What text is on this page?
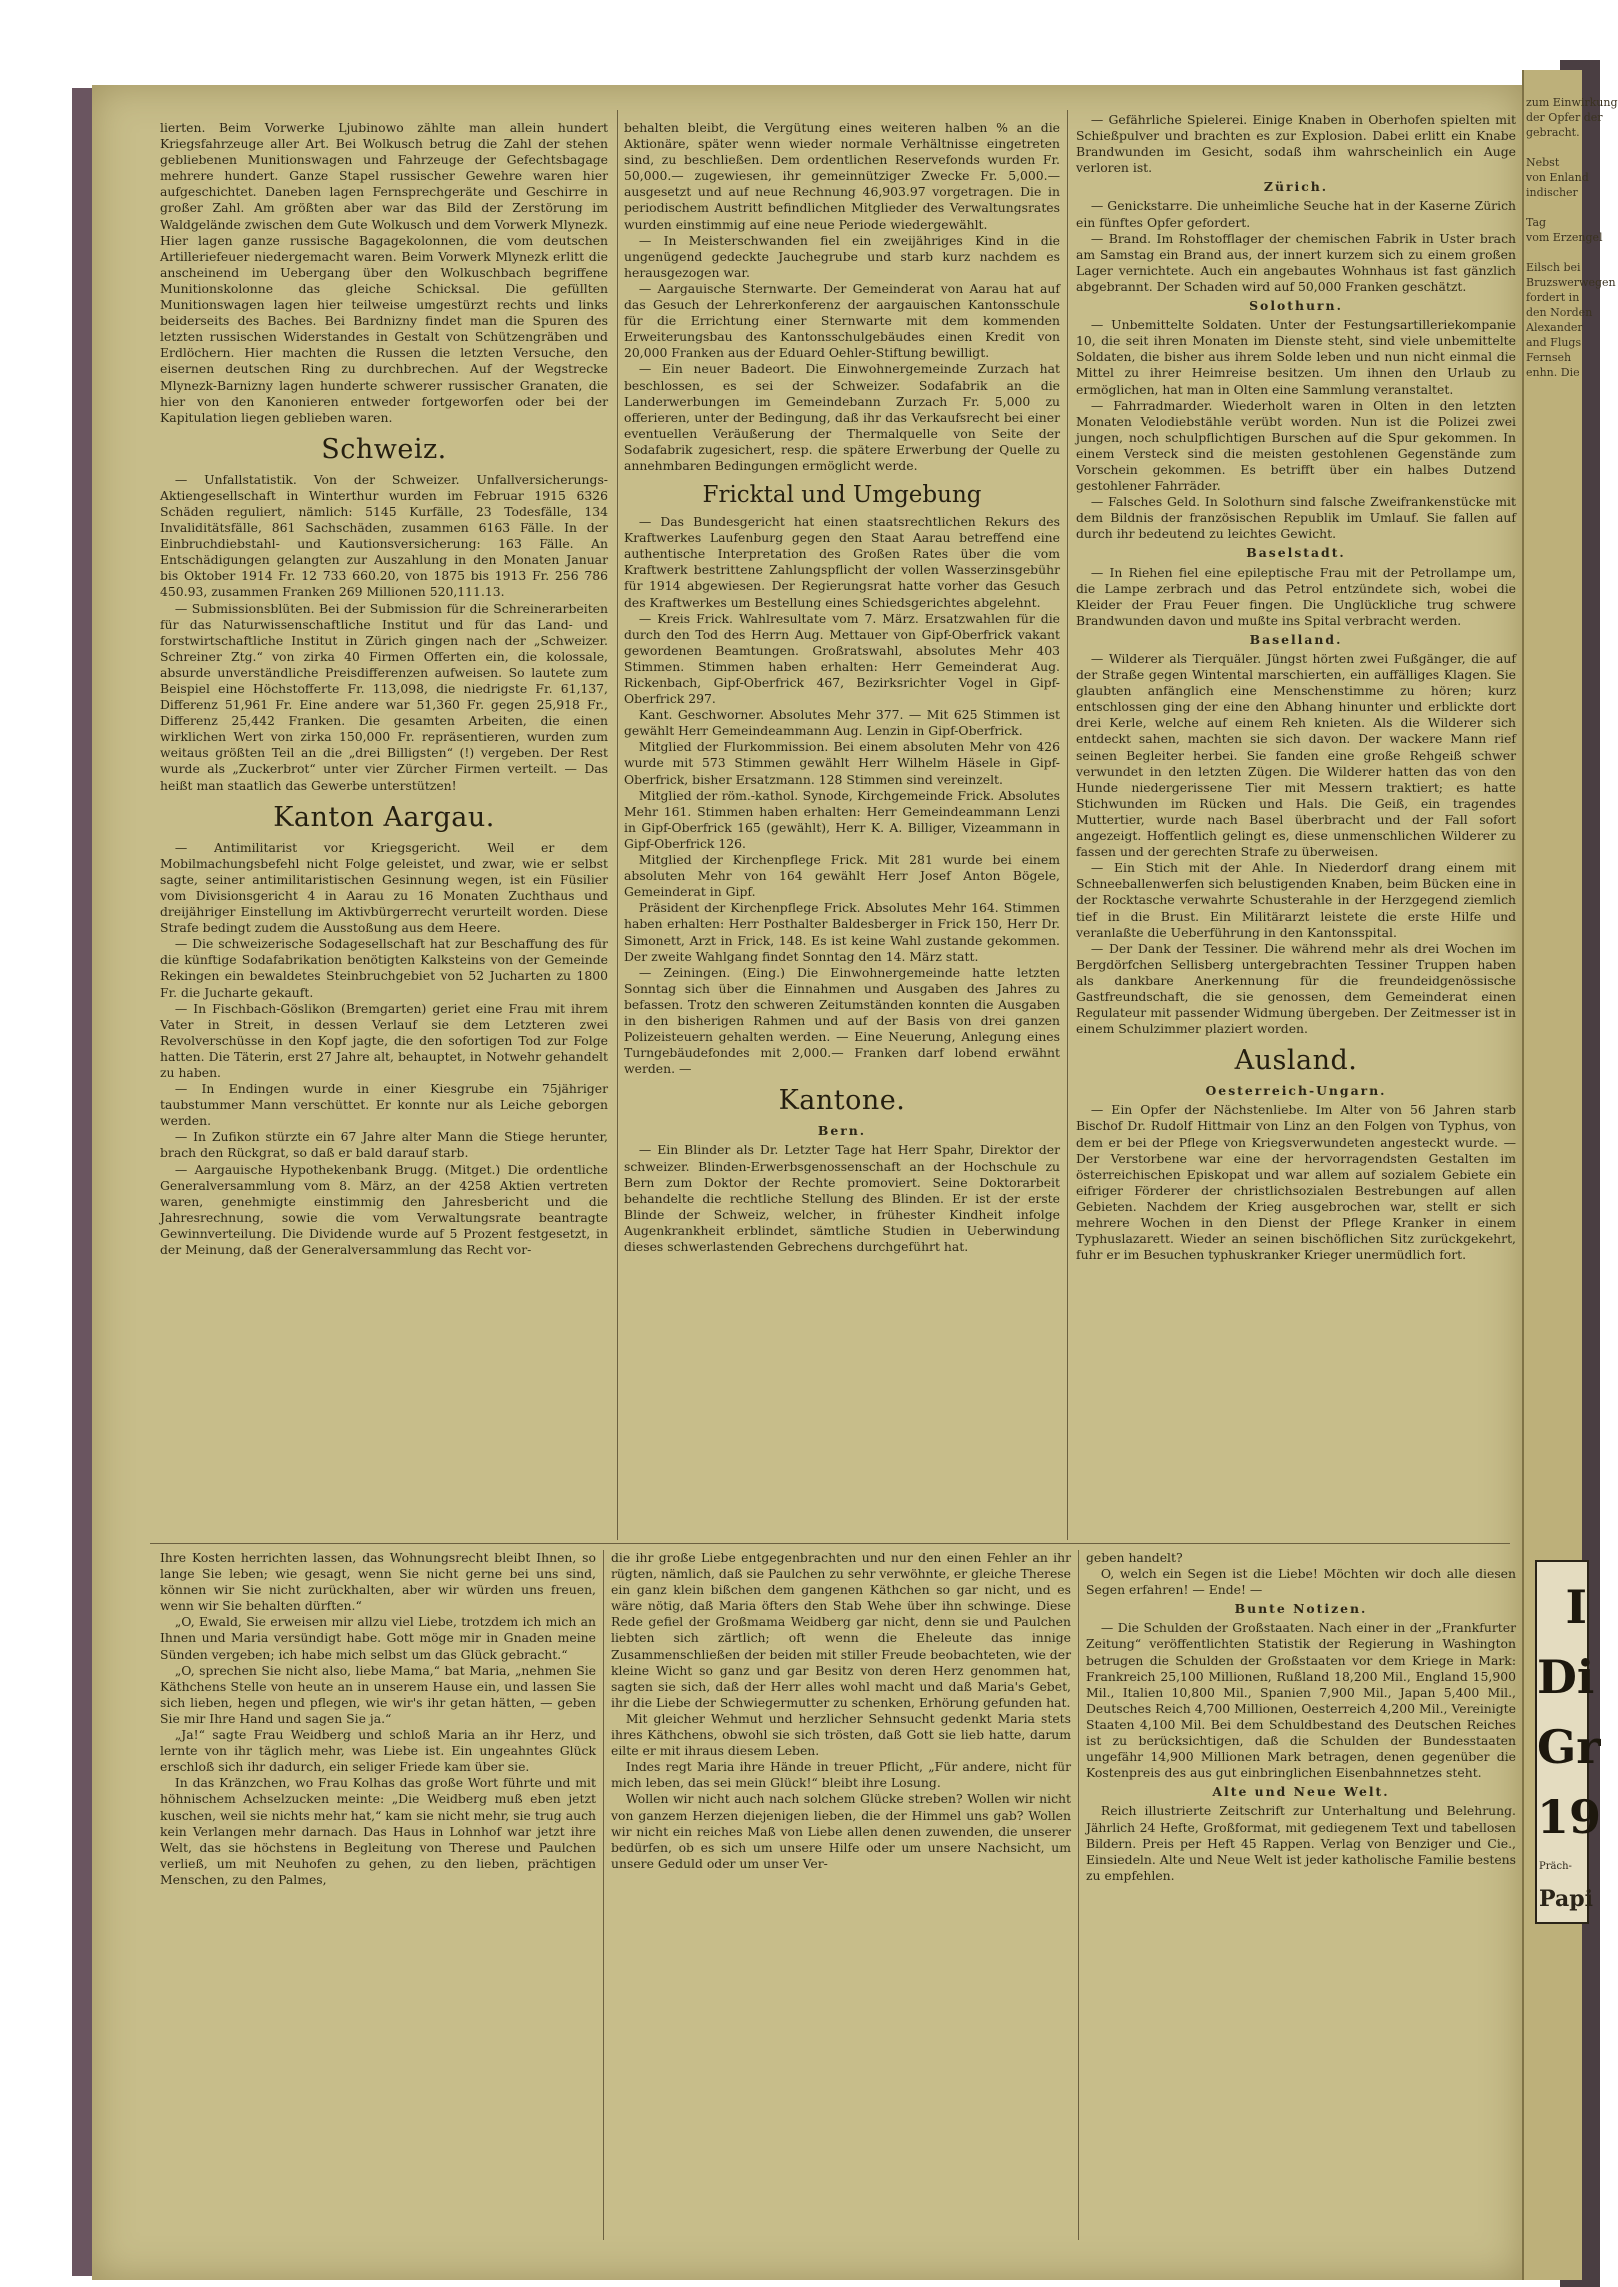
zum
der Opfer
gebracht.

Nebst
von Enland
indischer

Tag
vom Erzengel

Eilsch bei
Bruzswerwegen
fordert in
den Norden
Alexander
and Flugs
Fernseh
enhn. Die
I
Di
Gr
19
Präch-
Papi

lierten. Beim Vorwerke Ljubinowo zählte man allein hundert Kriegsfahrzeuge aller Art. Bei Wolkusch betrug die Zahl der stehen gebliebenen Munitionswagen und Fahrzeuge der Gefechtsbagage mehrere hundert. Ganze Stapel russischer Gewehre waren hier aufgeschichtet. Daneben lagen Fernsprechgeräte und Geschirre in großer Zahl. Am größten aber war das Bild der Zerstörung im Waldgelände zwischen dem Gute Wolkusch und dem Vorwerk Mlynezk. Hier lagen ganze russische Bagagekolonnen, die vom deutschen Artilleriefeuer niedergemacht waren. Beim Vorwerk Mlynezk erlitt die anscheinend im Uebergang über den Wolkuschbach begriffene Munitionskolonne das gleiche Schicksal. Die gefüllten Munitionswagen lagen hier teilweise umgestürzt rechts und links beiderseits des Baches. Bei Bardnizny findet man die Spuren des letzten russischen Widerstandes in Gestalt von Schützengräben und Erdlöchern. Hier machten die Russen die letzten Versuche, den eisernen deutschen Ring zu durchbrechen. Auf der Wegstrecke Mlynezk-Barnizny lagen hunderte schwerer russischer Granaten, die hier von den Kanonieren entweder fortgeworfen oder bei der Kapitulation liegen geblieben waren.

Schweiz.

— Unfallstatistik. Von der Schweizer. Unfallversicherungs-Aktiengesellschaft in Winterthur wurden im Februar 1915 6326 Schäden reguliert, nämlich: 5145 Kurfälle, 23 Todesfälle, 134 Invaliditätsfälle, 861 Sachschäden, zusammen 6163 Fälle. In der Einbruchdiebstahl- und Kautionsversicherung: 163 Fälle. An Entschädigungen gelangten zur Auszahlung in den Monaten Januar bis Oktober 1914 Fr. 12 733 660.20, von 1875 bis 1913 Fr. 256 786 450.93, zusammen Franken 269 Millionen 520,111.13.

— Submissionsblüten. Bei der Submission für die Schreinerarbeiten für das Naturwissenschaftliche Institut und für das Land- und forstwirtschaftliche Institut in Zürich gingen nach der „Schweizer. Schreiner Ztg.“ von zirka 40 Firmen Offerten ein, die kolossale, absurde unverständliche Preisdifferenzen aufweisen. So lautete zum Beispiel eine Höchstofferte Fr. 113,098, die niedrigste Fr. 61,137, Differenz 51,961 Fr. Eine andere war 51,360 Fr. gegen 25,918 Fr., Differenz 25,442 Franken. Die gesamten Arbeiten, die einen wirklichen Wert von zirka 150,000 Fr. repräsentieren, wurden zum weitaus größten Teil an die „drei Billigsten“ (!) vergeben. Der Rest wurde als „Zuckerbrot“ unter vier Zürcher Firmen verteilt. — Das heißt man staatlich das Gewerbe unterstützen!

Kanton Aargau.

— Antimilitarist vor Kriegsgericht. Weil er dem Mobilmachungsbefehl nicht Folge geleistet, und zwar, wie er selbst sagte, seiner antimilitaristischen Gesinnung wegen, ist ein Füsilier vom Divisionsgericht 4 in Aarau zu 16 Monaten Zuchthaus und dreijähriger Einstellung im Aktivbürgerrecht verurteilt worden. Diese Strafe bedingt zudem die Ausstoßung aus dem Heere.

— Die schweizerische Sodagesellschaft hat zur Beschaffung des für die künftige Sodafabrikation benötigten Kalksteins von der Gemeinde Rekingen ein bewaldetes Steinbruchgebiet von 52 Jucharten zu 1800 Fr. die Jucharte gekauft.

— In Fischbach-Göslikon (Bremgarten) geriet eine Frau mit ihrem Vater in Streit, in dessen Verlauf sie dem Letzteren zwei Revolverschüsse in den Kopf jagte, die den sofortigen Tod zur Folge hatten. Die Täterin, erst 27 Jahre alt, behauptet, in Notwehr gehandelt zu haben.

— In Endingen wurde in einer Kiesgrube ein 75jähriger taubstummer Mann verschüttet. Er konnte nur als Leiche geborgen werden.

— In Zufikon stürzte ein 67 Jahre alter Mann die Stiege herunter, brach den Rückgrat, so daß er bald darauf starb.

— Aargauische Hypothekenbank Brugg. (Mitget.) Die ordentliche Generalversammlung vom 8. März, an der 4258 Aktien vertreten waren, genehmigte einstimmig den Jahresbericht und die Jahresrechnung, sowie die vom Verwaltungsrate beantragte Gewinnverteilung. Die Dividende wurde auf 5 Prozent festgesetzt, in der Meinung, daß der Generalversammlung das Recht vor-

behalten bleibt, die Vergütung eines weiteren halben % an die Aktionäre, später wenn wieder normale Verhältnisse eingetreten sind, zu beschließen. Dem ordentlichen Reservefonds wurden Fr. 50,000.— zugewiesen, ihr gemeinnütziger Zwecke Fr. 5,000.— ausgesetzt und auf neue Rechnung 46,903.97 vorgetragen. Die in periodischem Austritt befindlichen Mitglieder des Verwaltungsrates wurden einstimmig auf eine neue Periode wiedergewählt.

— In Meisterschwanden fiel ein zweijähriges Kind in die ungenügend gedeckte Jauchegrube und starb kurz nachdem es herausgezogen war.

— Aargauische Sternwarte. Der Gemeinderat von Aarau hat auf das Gesuch der Lehrerkonferenz der aargauischen Kantonsschule für die Errichtung einer Sternwarte mit dem kommenden Erweiterungsbau des Kantonsschulgebäudes einen Kredit von 20,000 Franken aus der Eduard Oehler-Stiftung bewilligt.

— Ein neuer Badeort. Die Einwohnergemeinde Zurzach hat beschlossen, es sei der Schweizer. Sodafabrik an die Landerwerbungen im Gemeindebann Zurzach Fr. 5,000 zu offerieren, unter der Bedingung, daß ihr das Verkaufsrecht bei einer eventuellen Veräußerung der Thermalquelle von Seite der Sodafabrik zugesichert, resp. die spätere Erwerbung der Quelle zu annehmbaren Bedingungen ermöglicht werde.

Fricktal und Umgebung

— Das Bundesgericht hat einen staatsrechtlichen Rekurs des Kraftwerkes Laufenburg gegen den Staat Aarau betreffend eine authentische Interpretation des Großen Rates über die vom Kraftwerk bestrittene Zahlungspflicht der vollen Wasserzinsgebühr für 1914 abgewiesen. Der Regierungsrat hatte vorher das Gesuch des Kraftwerkes um Bestellung eines Schiedsgerichtes abgelehnt.

— Kreis Frick. Wahlresultate vom 7. März. Ersatzwahlen für die durch den Tod des Herrn Aug. Mettauer von Gipf-Oberfrick vakant gewordenen Beamtungen. Großratswahl, absolutes Mehr 403 Stimmen. Stimmen haben erhalten: Herr Gemeinderat Aug. Rickenbach, Gipf-Oberfrick 467, Bezirksrichter Vogel in Gipf-Oberfrick 297.

Kant. Geschworner. Absolutes Mehr 377. — Mit 625 Stimmen ist gewählt Herr Gemeindeammann Aug. Lenzin in Gipf-Oberfrick.

Mitglied der Flurkommission. Bei einem absoluten Mehr von 426 wurde mit 573 Stimmen gewählt Herr Wilhelm Häsele in Gipf-Oberfrick, bisher Ersatzmann. 128 Stimmen sind vereinzelt.

Mitglied der röm.-kathol. Synode, Kirchgemeinde Frick. Absolutes Mehr 161. Stimmen haben erhalten: Herr Gemeindeammann Lenzi in Gipf-Oberfrick 165 (gewählt), Herr K. A. Billiger, Vizeammann in Gipf-Oberfrick 126.

Mitglied der Kirchenpflege Frick. Mit 281 wurde bei einem absoluten Mehr von 164 gewählt Herr Josef Anton Bögele, Gemeinderat in Gipf.

Präsident der Kirchenpflege Frick. Absolutes Mehr 164. Stimmen haben erhalten: Herr Posthalter Baldesberger in Frick 150, Herr Dr. Simonett, Arzt in Frick, 148. Es ist keine Wahl zustande gekommen. Der zweite Wahlgang findet Sonntag den 14. März statt.

— Zeiningen. (Eing.) Die Einwohnergemeinde hatte letzten Sonntag sich über die Einnahmen und Ausgaben des Jahres zu befassen. Trotz den schweren Zeitumständen konnten die Ausgaben in den bisherigen Rahmen und auf der Basis von drei ganzen Polizeisteuern gehalten werden. — Eine Neuerung, Anlegung eines Turngebäudefondes mit 2,000.— Franken darf lobend erwähnt werden. —

Kantone.
Bern.

— Ein Blinder als Dr. Letzter Tage hat Herr Spahr, Direktor der schweizer. Blinden-Erwerbsgenossenschaft an der Hochschule zu Bern zum Doktor der Rechte promoviert. Seine Doktorarbeit behandelte die rechtliche Stellung des Blinden. Er ist der erste Blinde der Schweiz, welcher, in frühester Kindheit infolge Augenkrankheit erblindet, sämtliche Studien in Ueberwindung dieses schwerlastenden Gebrechens durchgeführt hat.

— Gefährliche Spielerei. Einige Knaben in Oberhofen spielten mit Schießpulver und brachten es zur Explosion. Dabei erlitt ein Knabe Brandwunden im Gesicht, sodaß ihm wahrscheinlich ein Auge verloren ist.

Zürich.

— Genickstarre. Die unheimliche Seuche hat in der Kaserne Zürich ein fünftes Opfer gefordert.

— Brand. Im Rohstofflager der chemischen Fabrik in Uster brach am Samstag ein Brand aus, der innert kurzem sich zu einem großen Lager vernichtete. Auch ein angebautes Wohnhaus ist fast gänzlich abgebrannt. Der Schaden wird auf 50,000 Franken geschätzt.

Solothurn.

— Unbemittelte Soldaten. Unter der Festungsartilleriekompanie 10, die seit ihren Monaten im Dienste steht, sind viele unbemittelte Soldaten, die bisher aus ihrem Solde leben und nun nicht einmal die Mittel zu ihrer Heimreise besitzen. Um ihnen den Urlaub zu ermöglichen, hat man in Olten eine Sammlung veranstaltet.

— Fahrradmarder. Wiederholt waren in Olten in den letzten Monaten Velodiebstähle verübt worden. Nun ist die Polizei zwei jungen, noch schulpflichtigen Burschen auf die Spur gekommen. In einem Versteck sind die meisten gestohlenen Gegenstände zum Vorschein gekommen. Es betrifft über ein halbes Dutzend gestohlener Fahrräder.

— Falsches Geld. In Solothurn sind falsche Zweifrankenstücke mit dem Bildnis der französischen Republik im Umlauf. Sie fallen auf durch ihr bedeutend zu leichtes Gewicht.

Baselstadt.

— In Riehen fiel eine epileptische Frau mit der Petrollampe um, die Lampe zerbrach und das Petrol entzündete sich, wobei die Kleider der Frau Feuer fingen. Die Unglückliche trug schwere Brandwunden davon und mußte ins Spital verbracht werden.

Baselland.

— Wilderer als Tierquäler. Jüngst hörten zwei Fußgänger, die auf der Straße gegen Wintental marschierten, ein auffälliges Klagen. Sie glaubten anfänglich eine Menschenstimme zu hören; kurz entschlossen ging der eine den Abhang hinunter und erblickte dort drei Kerle, welche auf einem Reh knieten. Als die Wilderer sich entdeckt sahen, machten sie sich davon. Der wackere Mann rief seinen Begleiter herbei. Sie fanden eine große Rehgeiß schwer verwundet in den letzten Zügen. Die Wilderer hatten das von den Hunde niedergerissene Tier mit Messern traktiert; es hatte Stichwunden im Rücken und Hals. Die Geiß, ein tragendes Muttertier, wurde nach Basel überbracht und der Fall sofort angezeigt. Hoffentlich gelingt es, diese unmenschlichen Wilderer zu fassen und der gerechten Strafe zu überweisen.

— Ein Stich mit der Ahle. In Niederdorf drang einem mit Schneeballenwerfen sich belustigenden Knaben, beim Bücken eine in der Rocktasche verwahrte Schusterahle in der Herzgegend ziemlich tief in die Brust. Ein Militärarzt leistete die erste Hilfe und veranlaßte die Ueberführung in den Kantonsspital.

— Der Dank der Tessiner. Die während mehr als drei Wochen im Bergdörfchen Sellisberg untergebrachten Tessiner Truppen haben als dankbare Anerkennung für die freundeidgenössische Gastfreundschaft, die sie genossen, dem Gemeinderat einen Regulateur mit passender Widmung übergeben. Der Zeitmesser ist in einem Schulzimmer plaziert worden.

Ausland.
Oesterreich-Ungarn.

— Ein Opfer der Nächstenliebe. Im Alter von 56 Jahren starb Bischof Dr. Rudolf Hittmair von Linz an den Folgen von Typhus, von dem er bei der Pflege von Kriegsverwundeten angesteckt wurde. — Der Verstorbene war eine der hervorragendsten Gestalten im österreichischen Episkopat und war allem auf sozialem Gebiete ein eifriger Förderer der christlichsozialen Bestrebungen auf allen Gebieten. Nachdem der Krieg ausgebrochen war, stellt er sich mehrere Wochen in den Dienst der Pflege Kranker in einem Typhuslazarett. Wieder an seinen bischöflichen Sitz zurückgekehrt, fuhr er im Besuchen typhuskranker Krieger unermüdlich fort.

Ihre Kosten herrichten lassen, das Wohnungsrecht bleibt Ihnen, so lange Sie leben; wie gesagt, wenn Sie nicht gerne bei uns sind, können wir Sie nicht zurückhalten, aber wir würden uns freuen, wenn wir Sie behalten dürften.“

„O, Ewald, Sie erweisen mir allzu viel Liebe, trotzdem ich mich an Ihnen und Maria versündigt habe. Gott möge mir in Gnaden meine Sünden vergeben; ich habe mich selbst um das Glück gebracht.“

„O, sprechen Sie nicht also, liebe Mama,“ bat Maria, „nehmen Sie Käthchens Stelle von heute an in unserem Hause ein, und lassen Sie sich lieben, hegen und pflegen, wie wir's ihr getan hätten, — geben Sie mir Ihre Hand und sagen Sie ja.“

„Ja!“ sagte Frau Weidberg und schloß Maria an ihr Herz, und lernte von ihr täglich mehr, was Liebe ist. Ein ungeahntes Glück erschloß sich ihr dadurch, ein seliger Friede kam über sie.

In das Kränzchen, wo Frau Kolhas das große Wort führte und mit höhnischem Achselzucken meinte: „Die Weidberg muß eben jetzt kuschen, weil sie nichts mehr hat,“ kam sie nicht mehr, sie trug auch kein Verlangen mehr darnach. Das Haus in Lohnhof war jetzt ihre Welt, das sie höchstens in Begleitung von Therese und Paulchen verließ, um mit Neuhofen zu gehen, zu den lieben, prächtigen Menschen, zu den Palmes,

die ihr große Liebe entgegenbrachten und nur den einen Fehler an ihr rügten, nämlich, daß sie Paulchen zu sehr verwöhnte, er gleiche Therese ein ganz klein bißchen dem gangenen Käthchen so gar nicht, und es wäre nötig, daß Maria öfters den Stab Wehe über ihn schwinge. Diese Rede gefiel der Großmama Weidberg gar nicht, denn sie und Paulchen liebten sich zärtlich; oft wenn die Eheleute das innige Zusammenschließen der beiden mit stiller Freude beobachteten, wie der kleine Wicht so ganz und gar Besitz von deren Herz genommen hat, sagten sie sich, daß der Herr alles wohl macht und daß Maria's Gebet, ihr die Liebe der Schwiegermutter zu schenken, Erhörung gefunden hat.

Mit gleicher Wehmut und herzlicher Sehnsucht gedenkt Maria stets ihres Käthchens, obwohl sie sich trösten, daß Gott sie lieb hatte, darum eilte er mit ihraus diesem Leben.

Indes regt Maria ihre Hände in treuer Pflicht, „Für andere, nicht für mich leben, das sei mein Glück!“ bleibt ihre Losung.

Wollen wir nicht auch nach solchem Glücke streben? Wollen wir nicht von ganzem Herzen diejenigen lieben, die der Himmel uns gab? Wollen wir nicht ein reiches Maß von Liebe allen denen zuwenden, die unserer bedürfen, ob es sich um unsere Hilfe oder um unsere Nachsicht, um unsere Geduld oder um unser Ver-

geben handelt?

O, welch ein Segen ist die Liebe! Möchten wir doch alle diesen Segen erfahren! — Ende! —

Bunte Notizen.

— Die Schulden der Großstaaten. Nach einer in der „Frankfurter Zeitung“ veröffentlichten Statistik der Regierung in Washington betrugen die Schulden der Großstaaten vor dem Kriege in Mark: Frankreich 25,100 Millionen, Rußland 18,200 Mil., England 15,900 Mil., Italien 10,800 Mil., Spanien 7,900 Mil., Japan 5,400 Mil., Deutsches Reich 4,700 Millionen, Oesterreich 4,200 Mil., Vereinigte Staaten 4,100 Mil. Bei dem Schuldbestand des Deutschen Reiches ist zu berücksichtigen, daß die Schulden der Bundesstaaten ungefähr 14,900 Millionen Mark betragen, denen gegenüber die Kostenpreis des aus gut einbringlichen Eisenbahnnetzes steht.

Alte und Neue Welt.

Reich illustrierte Zeitschrift zur Unterhaltung und Belehrung. Jährlich 24 Hefte, Großformat, mit gediegenem Text und tabellosen Bildern. Preis per Heft 45 Rappen. Verlag von Benziger und Cie., Einsiedeln. Alte und Neue Welt ist jeder katholische Familie bestens zu empfehlen.
